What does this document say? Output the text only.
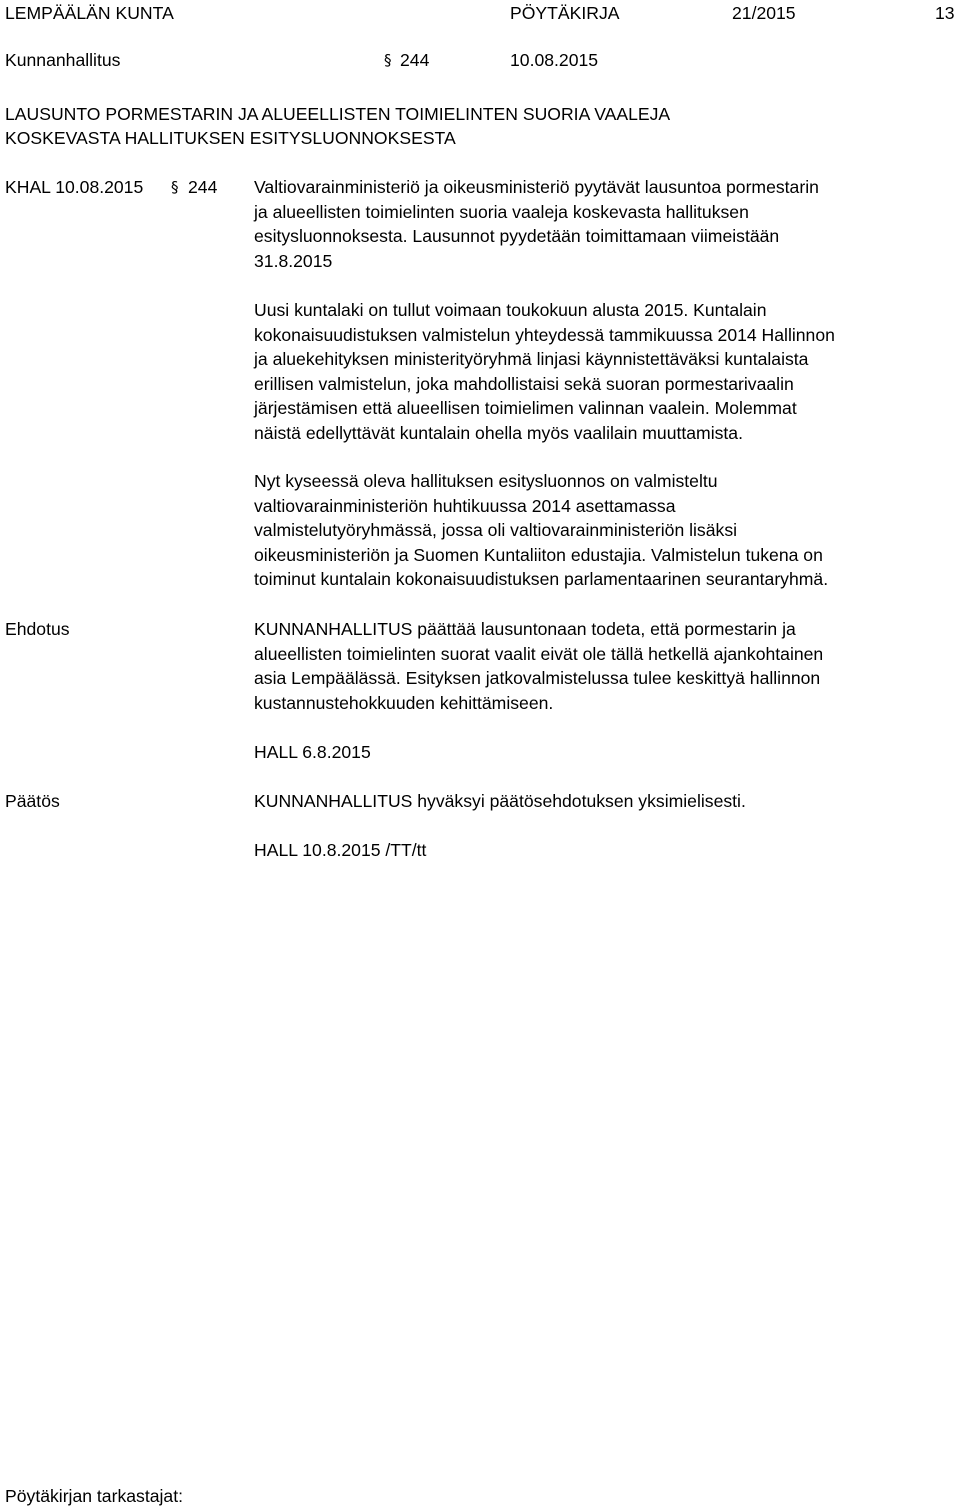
LEMPÄÄLÄN KUNTA	PÖYTÄKIRJA	21/2015	13
Kunnanhallitus	§ 244	10.08.2015
LAUSUNTO PORMESTARIN JA ALUEELLISTEN TOIMIELINTEN SUORIA VAALEJA
KOSKEVASTA HALLITUKSEN ESITYSLUONNOKSESTA
KHAL 10.08.2015 § 244 Valtiovarainministeriö ja oikeusministeriö pyytävät lausuntoa pormestarin
ja alueellisten toimielinten suoria vaaleja koskevasta hallituksen
esitysluonnoksesta. Lausunnot pyydetään toimittamaan viimeistään
31.8.2015
Uusi kuntalaki on tullut voimaan toukokuun alusta 2015. Kuntalain
kokonaisuudistuksen valmistelun yhteydessä tammikuussa 2014 Hallinnon
ja aluekehityksen ministerityöryhmä linjasi käynnistettäväksi kuntalaista
erillisen valmistelun, joka mahdollistaisi sekä suoran pormestarivaalin
järjestämisen että alueellisen toimielimen valinnan vaalein. Molemmat
näistä edellyttävät kuntalain ohella myös vaalilain muuttamista.
Nyt kyseessä oleva hallituksen esitysluonnos on valmisteltu
valtiovarainministeriön huhtikuussa 2014 asettamassa
valmistelutyöryhmässä, jossa oli valtiovarainministeriön lisäksi
oikeusministeriön ja Suomen Kuntaliiton edustajia. Valmistelun tukena on
toiminut kuntalain kokonaisuudistuksen parlamentaarinen seurantaryhmä.
Ehdotus	KUNNANHALLITUS päättää lausuntonaan todeta, että pormestarin ja
alueellisten toimielinten suorat vaalit eivät ole tällä hetkellä ajankohtainen
asia Lempäälässä. Esityksen jatkovalmistelussa tulee keskittyä hallinnon
kustannustehokkuuden kehittämiseen.
HALL 6.8.2015
Päätös	KUNNANHALLITUS hyväksyi päätösehdotuksen yksimielisesti.
HALL 10.8.2015 /TT/tt
Pöytäkirjan tarkastajat:
